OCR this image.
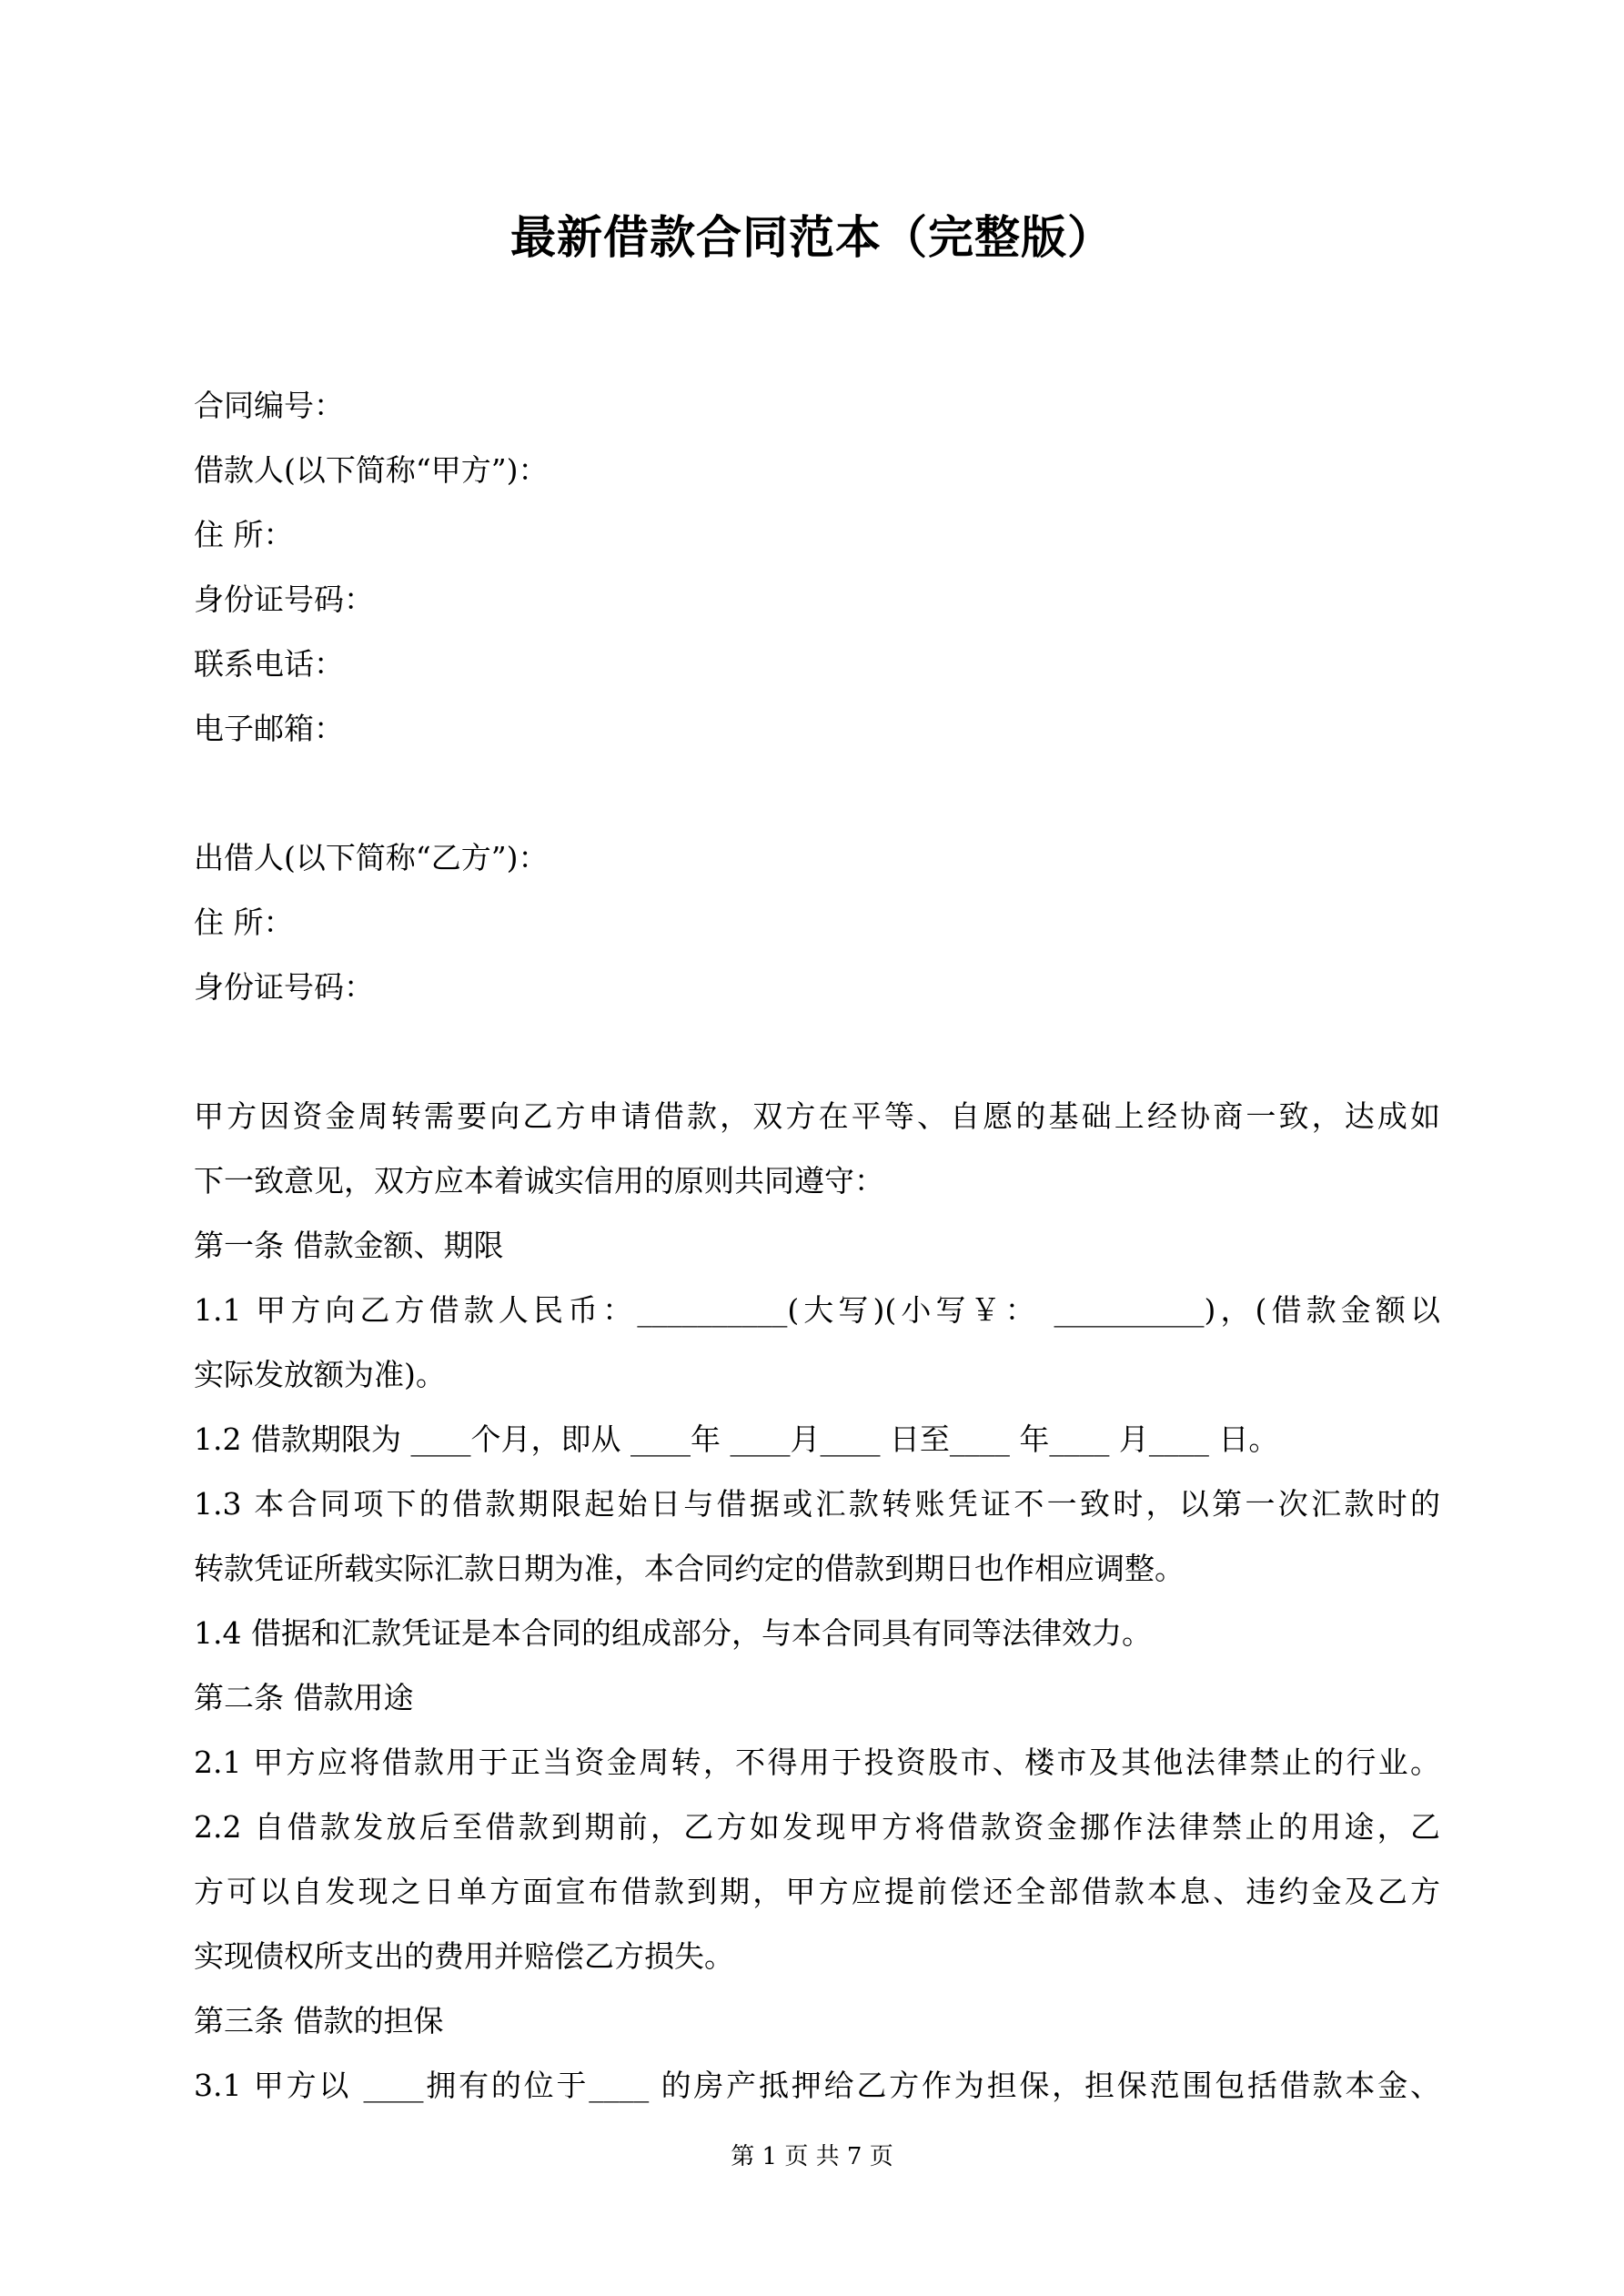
最新借款合同范本（完整版）
合同编号：
借款人(以下简称“甲方”)：
住 所：
身份证号码：
联系电话：
电子邮箱：
出借人(以下简称“乙方”)：
住 所：
身份证号码：
甲方因资金周转需要向乙方申请借款，双方在平等、自愿的基础上经协商一致，达成如
下一致意见，双方应本着诚实信用的原则共同遵守：
第一条 借款金额、期限
1.1 甲方向乙方借款人民币：__________(大写)(小写￥： __________)，(借款金额以
实际发放额为准)。
1.2 借款期限为 ____个月，即从 ____年 ____月____ 日至____ 年____ 月____ 日。
1.3 本合同项下的借款期限起始日与借据或汇款转账凭证不一致时，以第一次汇款时的
转款凭证所载实际汇款日期为准，本合同约定的借款到期日也作相应调整。
1.4 借据和汇款凭证是本合同的组成部分，与本合同具有同等法律效力。
第二条 借款用途
2.1 甲方应将借款用于正当资金周转，不得用于投资股市、楼市及其他法律禁止的行业。
2.2 自借款发放后至借款到期前，乙方如发现甲方将借款资金挪作法律禁止的用途，乙
方可以自发现之日单方面宣布借款到期，甲方应提前偿还全部借款本息、违约金及乙方
实现债权所支出的费用并赔偿乙方损失。
第三条 借款的担保
3.1 甲方以 ____拥有的位于____ 的房产抵押给乙方作为担保，担保范围包括借款本金、
第 1 页 共 7 页
